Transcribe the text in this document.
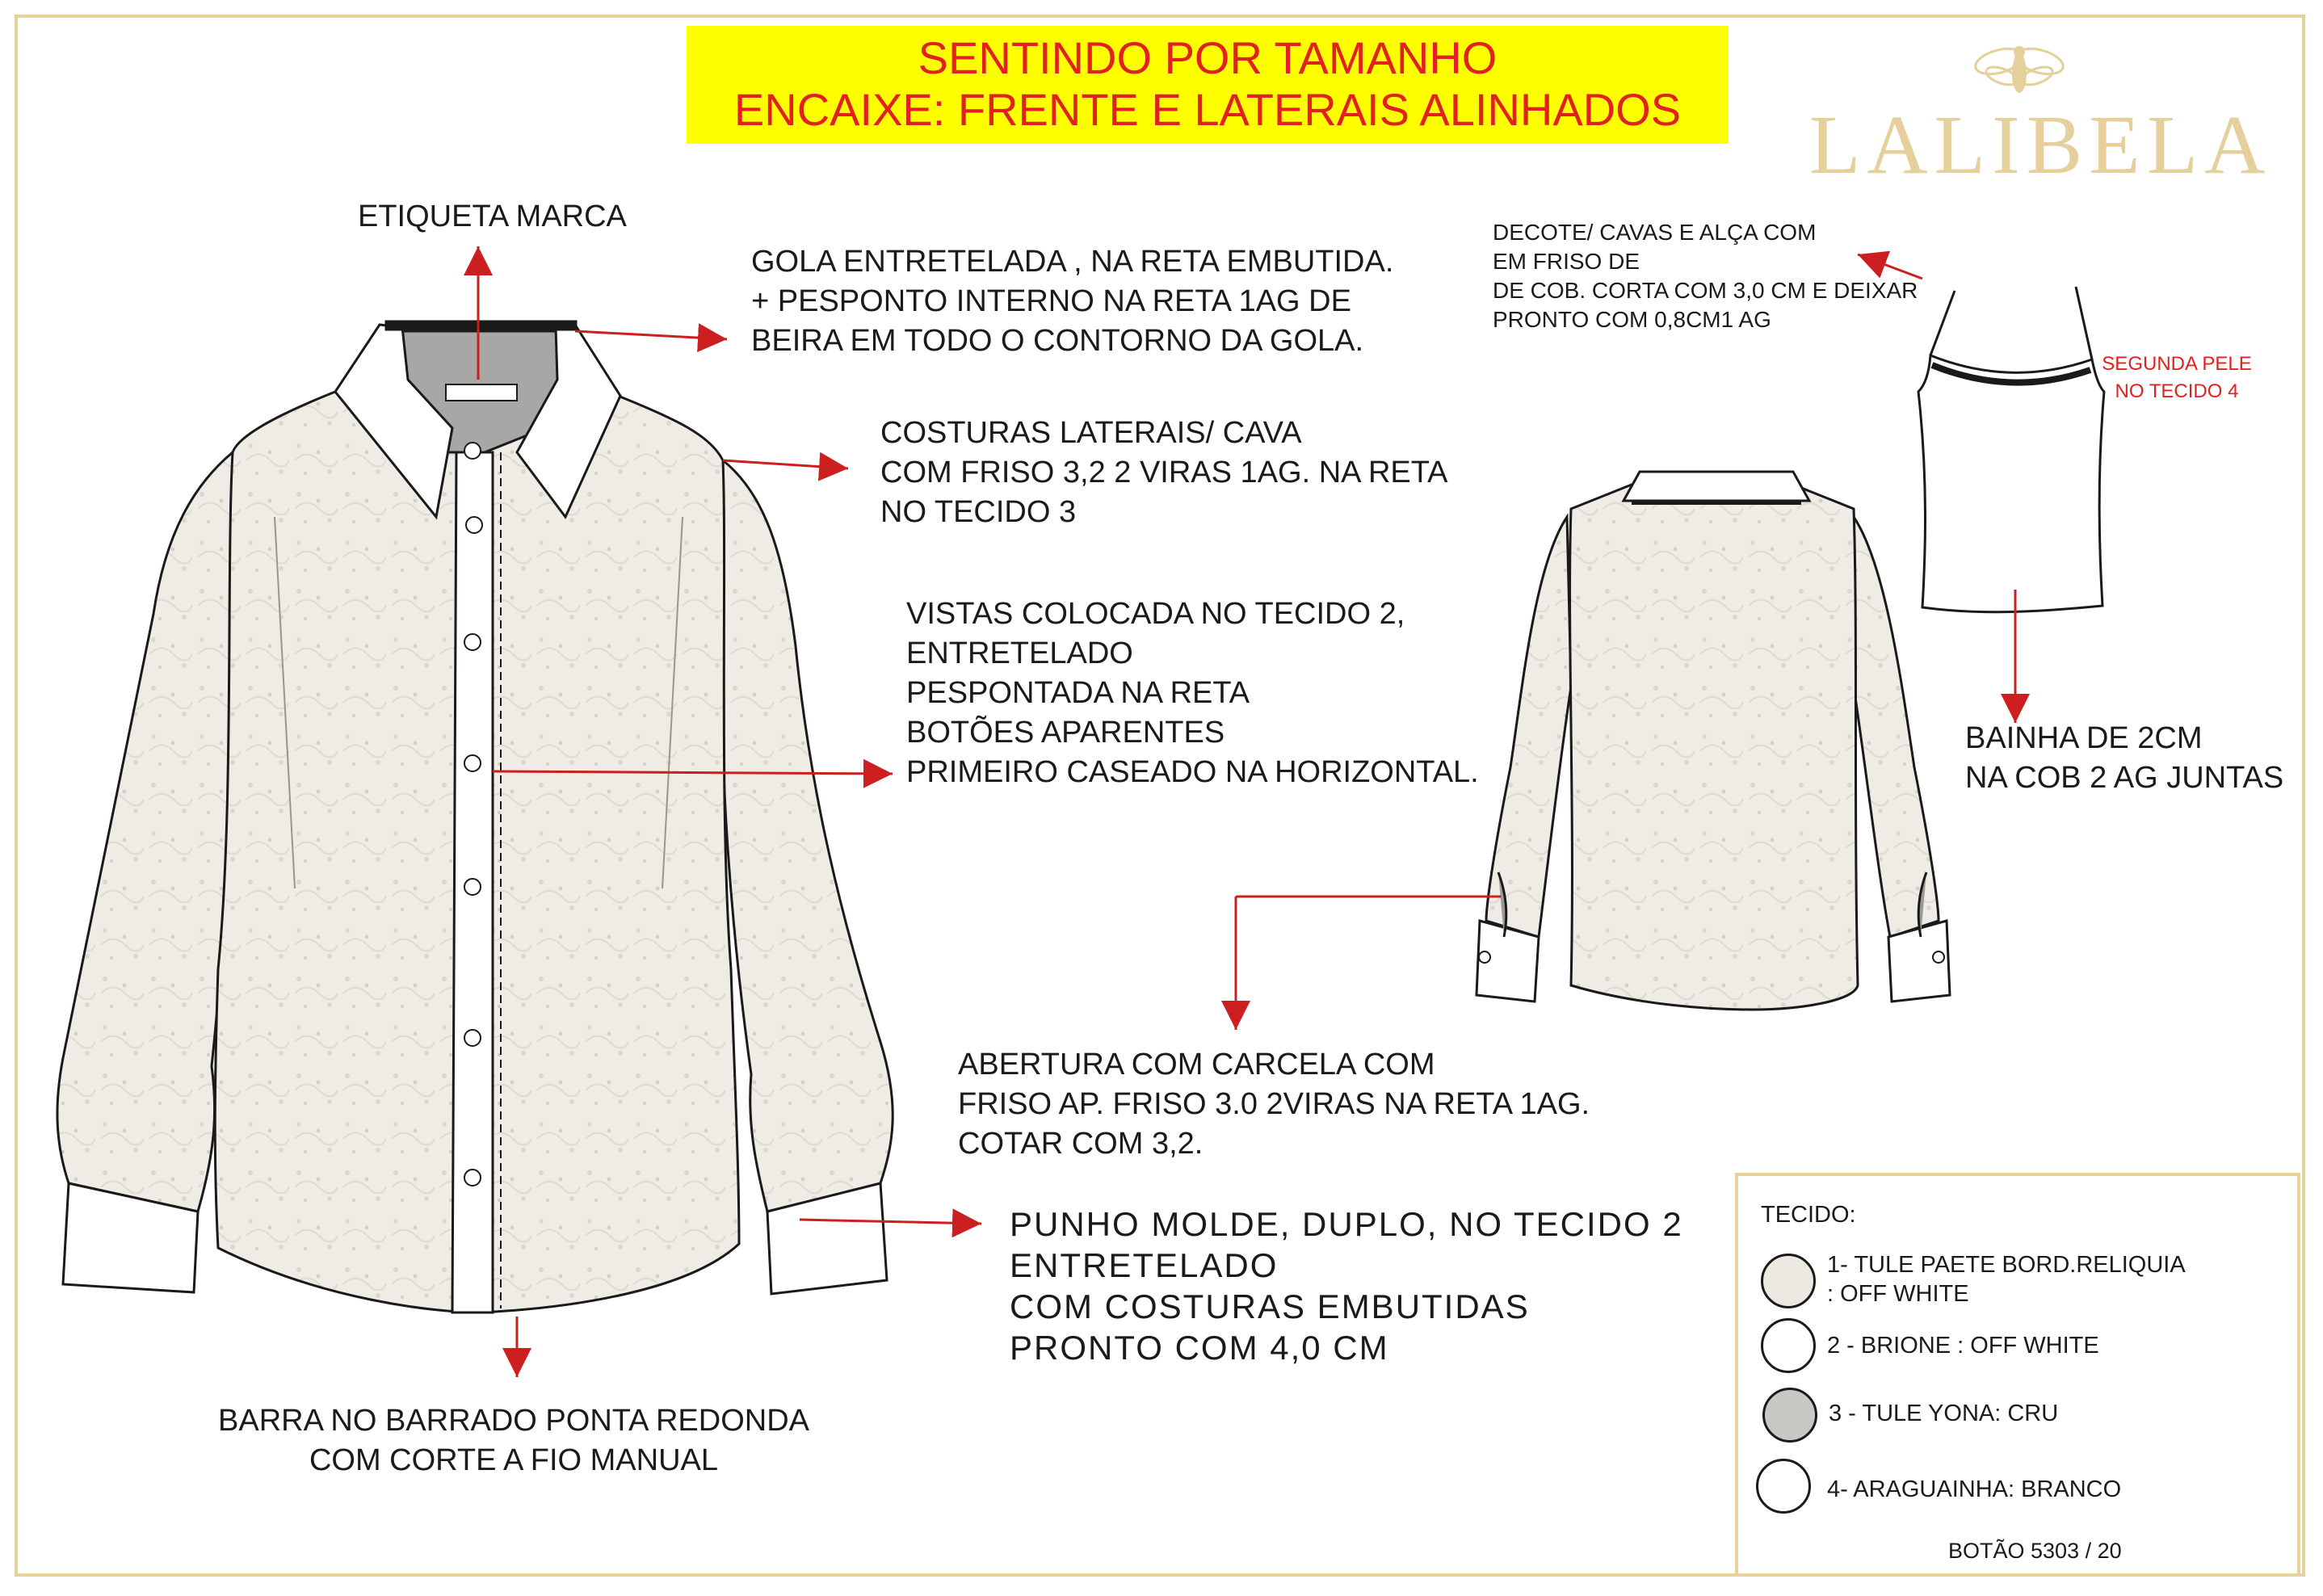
SENTINDO POR TAMANHO
ENCAIXE: FRENTE E LATERAIS ALINHADOS	LALIBELA
ETIQUETA MARCA
GOLA ENTRETELADA , NA RETA EMBUTIDA.
+ PESPONTO INTERNO NA RETA 1AG DE
BEIRA EM TODO O CONTORNO DA GOLA.
COSTURAS LATERAIS/ CAVA
COM FRISO 3,2 2 VIRAS 1AG. NA RETA
NO TECIDO 3
VISTAS COLOCADA NO TECIDO 2,
ENTRETELADO
PESPONTADA NA RETA
BOTÕES APARENTES
PRIMEIRO CASEADO NA HORIZONTAL.
ABERTURA COM CARCELA COM
FRISO AP. FRISO 3.0 2VIRAS NA RETA 1AG.
COTAR COM 3,2.
PUNHO MOLDE, DUPLO, NO TECIDO 2
ENTRETELADO
COM COSTURAS EMBUTIDAS
PRONTO COM 4,0 CM
BARRA NO BARRADO PONTA REDONDA
COM CORTE A FIO MANUAL
DECOTE/ CAVAS E ALÇA COM
EM FRISO DE
DE COB. CORTA COM 3,0 CM E DEIXAR
PRONTO COM 0,8CM1 AG
SEGUNDA PELE
NO TECIDO 4
BAINHA DE 2CM
NA COB 2 AG JUNTAS
TECIDO:
1- TULE PAETE BORD.RELIQUIA
: OFF WHITE
2 - BRIONE : OFF WHITE
3 - TULE YONA: CRU
4- ARAGUAINHA: BRANCO
BOTÃO 5303 / 20
